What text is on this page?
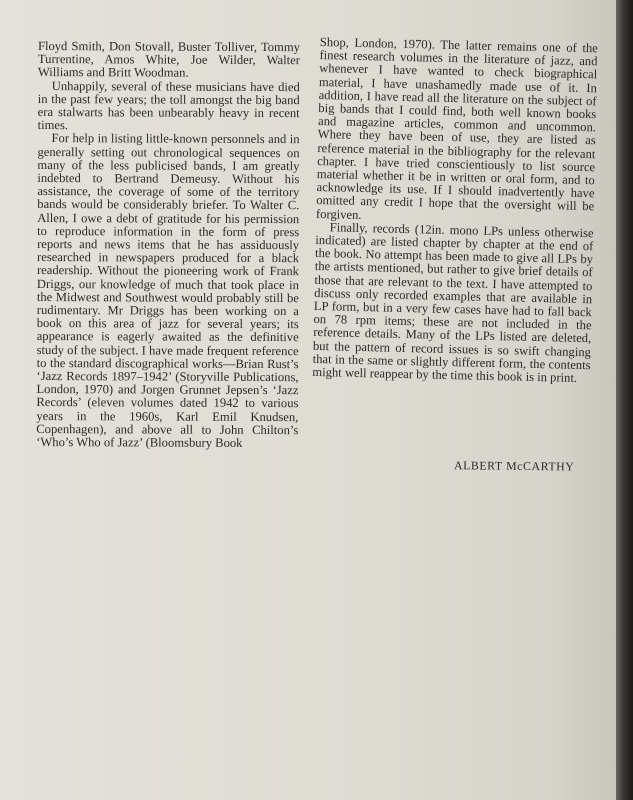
Floyd Smith, Don Stovall, Buster Tolliver, Tommy Turrentine, Amos White, Joe Wilder, Walter Williams and Britt Woodman.

Unhappily, several of these musicians have died in the past few years; the toll amongst the big band era stalwarts has been unbearably heavy in recent times.

For help in listing little-known personnels and in generally setting out chronological sequences on many of the less publicised bands, I am greatly indebted to Bertrand Demeusy. Without his assistance, the coverage of some of the territory bands would be considerably briefer. To Walter C. Allen, I owe a debt of gratitude for his permission to reproduce information in the form of press reports and news items that he has assiduously researched in newspapers produced for a black readership. Without the pioneering work of Frank Driggs, our knowledge of much that took place in the Midwest and Southwest would probably still be rudimentary. Mr Driggs has been working on a book on this area of jazz for several years; its appearance is eagerly awaited as the definitive study of the subject. I have made frequent reference to the standard discographical works—Brian Rust’s ‘Jazz Records 1897–1942’ (Storyville Publications, London, 1970) and Jorgen Grunnet Jepsen’s ‘Jazz Records’ (eleven volumes dated 1942 to various years in the 1960s, Karl Emil Knudsen, Copenhagen), and above all to John Chilton’s ‘Who’s Who of Jazz’ (Bloomsbury Book

Shop, London, 1970). The latter remains one of the finest research volumes in the literature of jazz, and whenever I have wanted to check biographical material, I have unashamedly made use of it. In addition, I have read all the literature on the subject of big bands that I could find, both well known books and magazine articles, common and uncommon. Where they have been of use, they are listed as reference material in the bibliography for the relevant chapter. I have tried conscientiously to list source material whether it be in written or oral form, and to acknowledge its use. If I should inadvertently have omitted any credit I hope that the oversight will be forgiven.

Finally, records (12in. mono LPs unless otherwise indicated) are listed chapter by chapter at the end of the book. No attempt has been made to give all LPs by the artists mentioned, but rather to give brief details of those that are relevant to the text. I have attempted to discuss only recorded examples that are available in LP form, but in a very few cases have had to fall back on 78 rpm items; these are not included in the reference details. Many of the LPs listed are deleted, but the pattern of record issues is so swift changing that in the same or slightly different form, the contents might well reappear by the time this book is in print.

ALBERT McCARTHY
